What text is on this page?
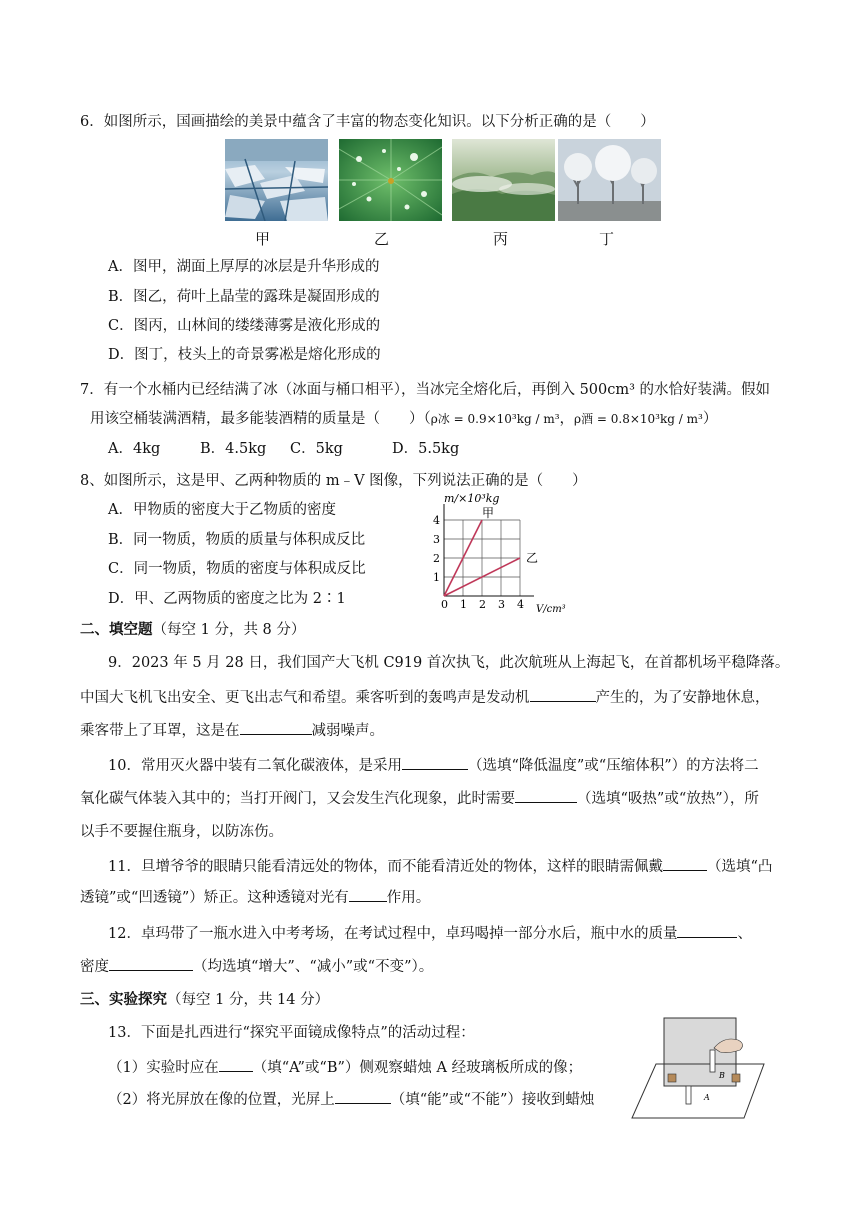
6．如图所示，国画描绘的美景中蕴含了丰富的物态变化知识。以下分析正确的是（　　）
甲	乙	丙	丁
A．图甲，湖面上厚厚的冰层是升华形成的
B．图乙，荷叶上晶莹的露珠是凝固形成的
C．图丙，山林间的缕缕薄雾是液化形成的
D．图丁，枝头上的奇景雾凇是熔化形成的
7．有一个水桶内已经结满了冰（冰面与桶口相平），当冰完全熔化后，再倒入 500cm³ 的水恰好装满。假如
用该空桶装满酒精，最多能装酒精的质量是（　　）（ρ冰 = 0.9×10³kg / m³，ρ酒 = 0.8×10³kg / m³）
A．4kg	B．4.5kg C．5kg	D．5.5kg
8、如图所示，这是甲、乙两种物质的 m﹣V 图像，下列说法正确的是（　　）
A．甲物质的密度大于乙物质的密度
B．同一物质，物质的质量与体积成反比
C．同一物质，物质的密度与体积成反比
D．甲、乙两物质的密度之比为 2∶1
m/×10³kg
V/cm³
0 1 2 3 4
1
2
3
4
甲
乙
二、填空题（每空 1 分，共 8 分）
9．2023 年 5 月 28 日，我们国产大飞机 C919 首次执飞，此次航班从上海起飞，在首都机场平稳降落。
中国大飞机飞出安全、更飞出志气和希望。乘客听到的轰鸣声是发动机	产生的，为了安静地休息，
乘客带上了耳罩，这是在	减弱噪声。
10．常用灭火器中装有二氧化碳液体，是采用	（选填“降低温度”或“压缩体积”）的方法将二
氧化碳气体装入其中的；当打开阀门，又会发生汽化现象，此时需要	（选填“吸热”或“放热”），所
以手不要握住瓶身，以防冻伤。
11．旦增爷爷的眼睛只能看清远处的物体，而不能看清近处的物体，这样的眼睛需佩戴	（选填“凸
透镜”或“凹透镜”）矫正。这种透镜对光有	作用。
12．卓玛带了一瓶水进入中考考场，在考试过程中，卓玛喝掉一部分水后，瓶中水的质量	、
密度	（均选填“增大”、“减小”或“不变”）。
三、实验探究（每空 1 分，共 14 分）
13．下面是扎西进行“探究平面镜成像特点”的活动过程：
（1）实验时应在 （填“A”或“B”）侧观察蜡烛 A 经玻璃板所成的像；
（2）将光屏放在像的位置，光屏上	（填“能”或“不能”）接收到蜡烛
B
A
